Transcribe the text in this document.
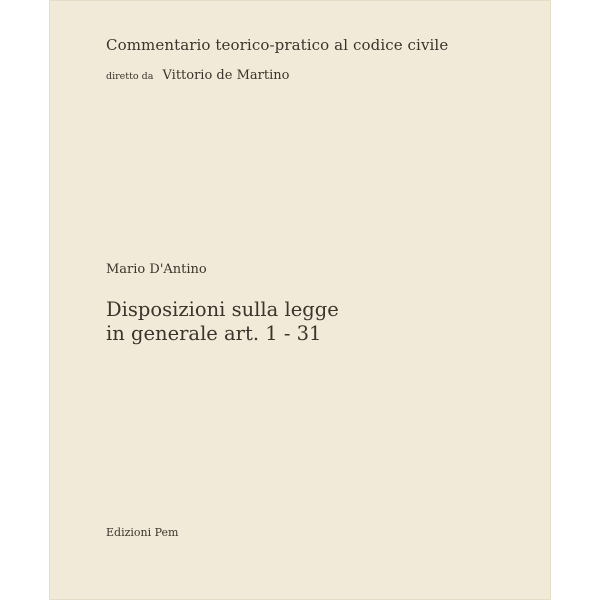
Commentario teorico-pratico al codice civile
diretto da Vittorio de Martino
Mario D'Antino
Disposizioni sulla legge
in generale art. 1 - 31
Edizioni Pem
